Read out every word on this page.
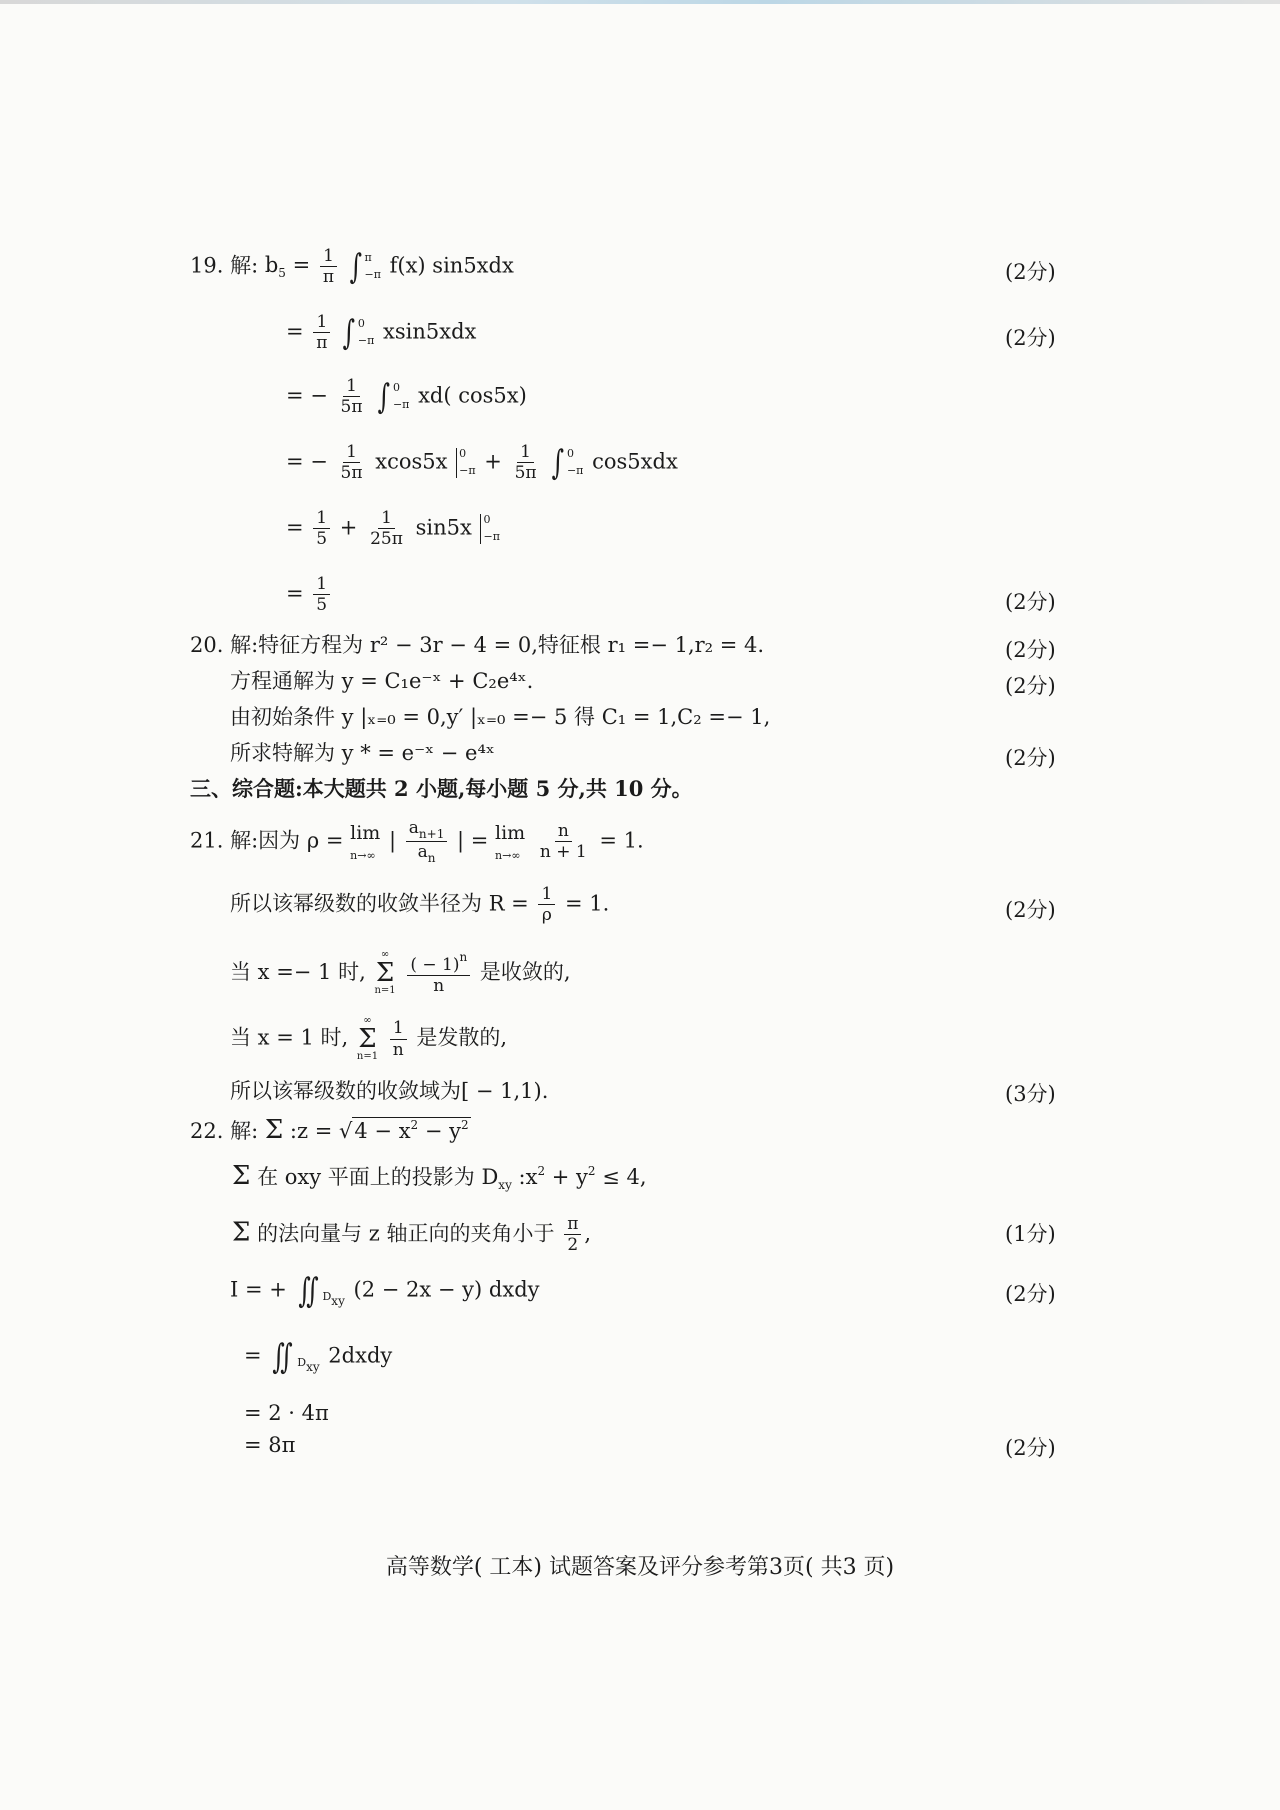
19. 解: $b_5 = \frac{1}{\pi}$ ∫ π
−π f(x) sin5xdx	(2分)
= $\frac{1}{\pi}$ ∫ 0
−π xsin5xdx	(2分)
= − $\frac{1}{5\pi}$ ∫ 0
−π xd( cos5x)
= − $\frac{1}{5\pi} xcos5x$ 0
$-\pi + \frac{1}{5\pi}$ ∫ 0
−π cos5xdx
= $\frac{1}{5} + \frac{1}{25\pi} \sin 5x$ 0
−π
= $\frac{1}{5}$	(2分)
20. 解:特征方程为 r² − 3r − 4 = 0,特征根 r₁ =− 1,r₂ = 4.	(2分)
方程通解为 y = C₁e⁻ˣ + C₂e⁴ˣ.	(2分)
由初始条件 y |ₓ₌₀ = 0,y′ |ₓ₌₀ =− 5 得 C₁ = 1,C₂ =− 1,
所求特解为 y * = e⁻ˣ − e⁴ˣ	(2分)
三、综合题:本大题共 2 小题,每小题 5 分,共 10 分。
21. 解:因为 ρ = lim
n→∞
| $\frac{a_{n+1}}{a_n}$ | = lim
n→∞
$\frac{n}{n + 1} = 1$.
所以该幂级数的收敛半径为 $R = \frac{1}{\rho} = 1$.	(2分)
当 x =− 1 时,
∞
Σ
n=1
$\frac{( - 1)^n}{n}$ 是收敛的,
当 x = 1 时,
∞
Σ
n=1
$\frac{1}{n}$ 是发散的,
所以该幂级数的收敛域为[ − 1,1).	(3分)
22. 解: Σ :z = $√4 - x^2 - y^2$
Σ 在 oxy 平面上的投影为 $D_{xy}$ $:x^2 + y^2 \le 4$,
Σ 的法向量与 z 轴正向的夹角小于 $\frac{\pi}{2}$ ,	(1分)
I = + ∬
Dxy (2 − 2x − y) dxdy	(2分)
= ∬
Dxy 2dxdy
= 2 · 4π
= 8π	(2分)
高等数学( 工本) 试题答案及评分参考第3页( 共3 页)
